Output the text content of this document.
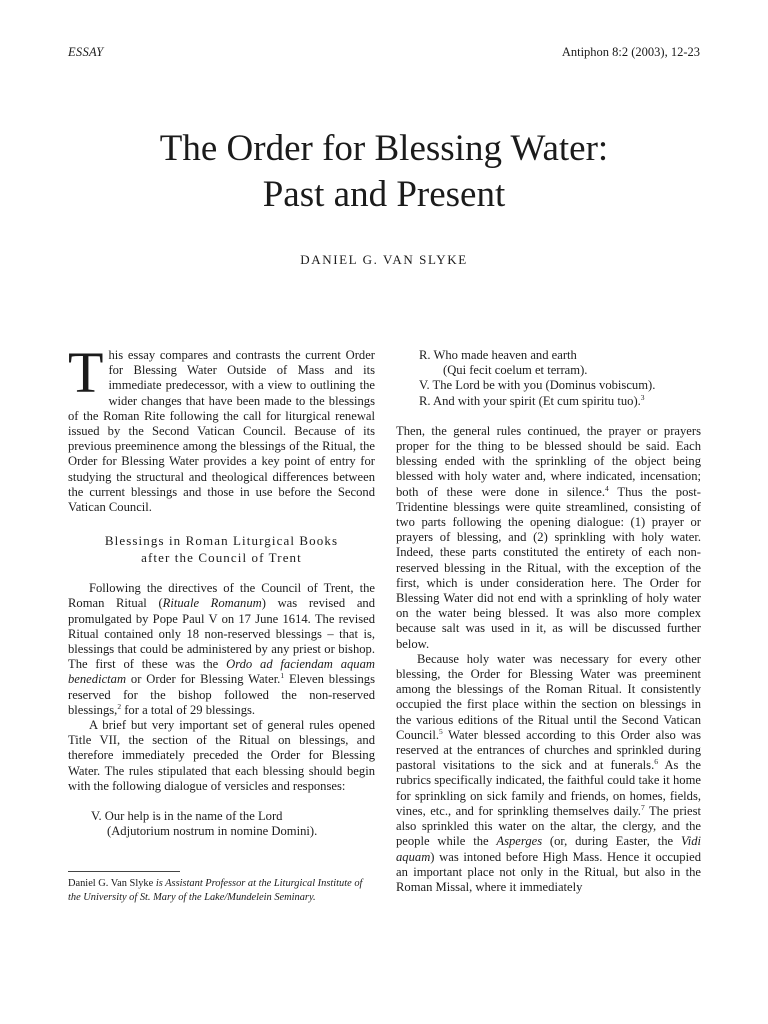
ESSAY	Antiphon 8:2 (2003), 12-23
The Order for Blessing Water:
Past and Present
DANIEL G. VAN SLYKE

This essay compares and contrasts the current Order for Blessing Water Outside of Mass and its immediate predecessor, with a view to outlining the wider changes that have been made to the blessings of the Roman Rite following the call for liturgical renewal issued by the Second Vatican Council. Because of its previous preeminence among the blessings of the Ritual, the Order for Blessing Water provides a key point of entry for studying the structural and theological differences between the current blessings and those in use before the Second Vatican Council.

Blessings in Roman Liturgical Books
after the Council of Trent

Following the directives of the Council of Trent, the Roman Ritual (Rituale Romanum) was revised and promulgated by Pope Paul V on 17 June 1614. The revised Ritual contained only 18 non-reserved blessings – that is, blessings that could be administered by any priest or bishop. The first of these was the Ordo ad faciendam aquam benedictam or Order for Blessing Water.$^1$ Eleven blessings reserved for the bishop followed the non-reserved blessings,$^2$ for a total of 29 blessings.

A brief but very important set of general rules opened Title VII, the section of the Ritual on blessings, and therefore immediately preceded the Order for Blessing Water. The rules stipulated that each blessing should begin with the following dialogue of versicles and responses:

V. Our help is in the name of the Lord
(Adjutorium nostrum in nomine Domini).
Daniel G. Van Slyke is Assistant Professor at the Liturgical Institute of the University of St. Mary of the Lake/Mundelein Seminary.
R. Who made heaven and earth
(Qui fecit coelum et terram).
V. The Lord be with you (Dominus vobiscum).
R. And with your spirit (Et cum spiritu tuo).$^3$

Then, the general rules continued, the prayer or prayers proper for the thing to be blessed should be said. Each blessing ended with the sprinkling of the object being blessed with holy water and, where indicated, incensation; both of these were done in silence.$^4$ Thus the post-Tridentine blessings were quite streamlined, consisting of two parts following the opening dialogue: (1) prayer or prayers of blessing, and (2) sprinkling with holy water. Indeed, these parts constituted the entirety of each non-reserved blessing in the Ritual, with the exception of the first, which is under consideration here. The Order for Blessing Water did not end with a sprinkling of holy water on the water being blessed. It was also more complex because salt was used in it, as will be discussed further below.

Because holy water was necessary for every other blessing, the Order for Blessing Water was preeminent among the blessings of the Roman Ritual. It consistently occupied the first place within the section on blessings in the various editions of the Ritual until the Second Vatican Council.$^5$ Water blessed according to this Order also was reserved at the entrances of churches and sprinkled during pastoral visitations to the sick and at funerals.$^6$ As the rubrics specifically indicated, the faithful could take it home for sprinkling on sick family and friends, on homes, fields, vines, etc., and for sprinkling themselves daily.$^7$ The priest also sprinkled this water on the altar, the clergy, and the people while the Asperges (or, during Easter, the Vidi aquam) was intoned before High Mass. Hence it occupied an important place not only in the Ritual, but also in the Roman Missal, where it immediately
